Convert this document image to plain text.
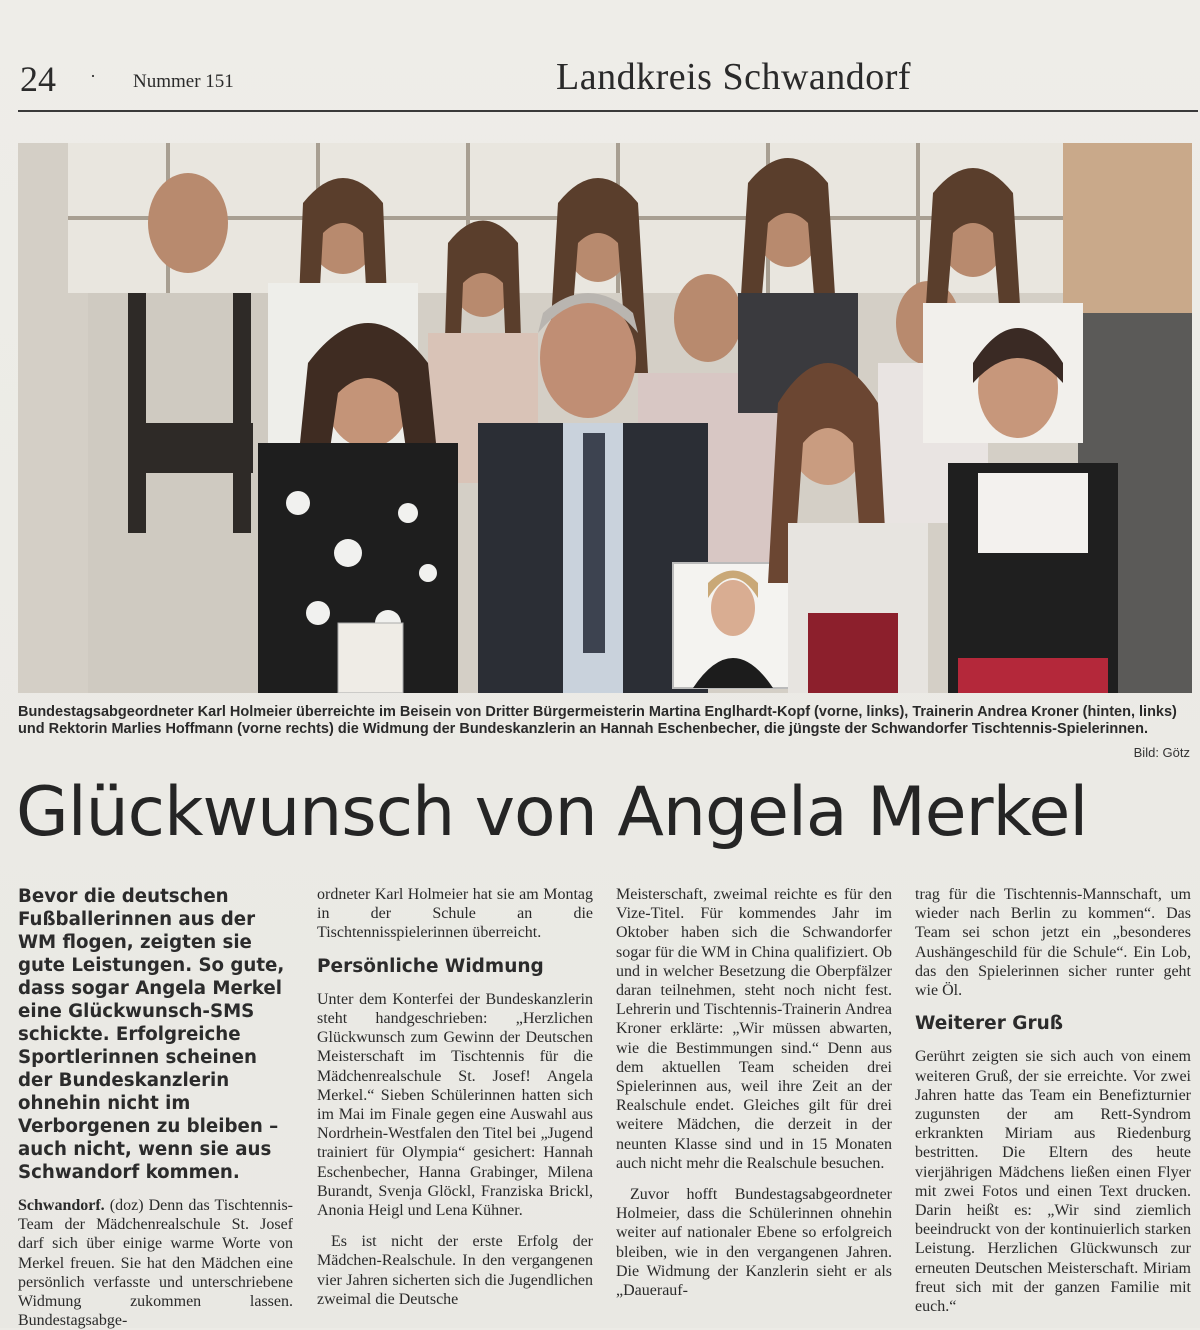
24 · Nummer 151	Landkreis Schwandorf
Bundestagsabgeordneter Karl Holmeier überreichte im Beisein von Dritter Bürgermeisterin Martina Englhardt-Kopf (vorne, links), Trainerin Andrea Kroner (hinten, links) und Rektorin Marlies Hoffmann (vorne rechts) die Widmung der Bundeskanzlerin an Hannah Eschenbecher, die jüngste der Schwandorfer Tischtennis-Spielerinnen.
Bild: Götz
Glückwunsch von Angela Merkel

Bevor die deutschen Fußballerinnen aus der WM flogen, zeigten sie gute Leistungen. So gute, dass sogar Angela Merkel eine Glückwunsch-SMS schickte. Erfolgreiche Sportlerinnen scheinen der Bundeskanzlerin ohnehin nicht im Verborgenen zu bleiben – auch nicht, wenn sie aus Schwandorf kommen.

Schwandorf. (doz) Denn das Tischtennis-Team der Mädchenrealschule St. Josef darf sich über einige warme Worte von Merkel freuen. Sie hat den Mädchen eine persönlich verfasste und unterschriebene Widmung zukommen lassen. Bundestagsabge-

ordneter Karl Holmeier hat sie am Montag in der Schule an die Tischtennisspielerinnen überreicht.

Persönliche Widmung

Unter dem Konterfei der Bundeskanzlerin steht handgeschrieben: „Herzlichen Glückwunsch zum Gewinn der Deutschen Meisterschaft im Tischtennis für die Mädchenrealschule St. Josef! Angela Merkel.“ Sieben Schülerinnen hatten sich im Mai im Finale gegen eine Auswahl aus Nordrhein-Westfalen den Titel bei „Jugend trainiert für Olympia“ gesichert: Hannah Eschenbecher, Hanna Grabinger, Milena Burandt, Svenja Glöckl, Franziska Brickl, Anonia Heigl und Lena Kühner.

Es ist nicht der erste Erfolg der Mädchen-Realschule. In den vergangenen vier Jahren sicherten sich die Jugendlichen zweimal die Deutsche

Meisterschaft, zweimal reichte es für den Vize-Titel. Für kommendes Jahr im Oktober haben sich die Schwandorfer sogar für die WM in China qualifiziert. Ob und in welcher Besetzung die Oberpfälzer daran teilnehmen, steht noch nicht fest. Lehrerin und Tischtennis-Trainerin Andrea Kroner erklärte: „Wir müssen abwarten, wie die Bestimmungen sind.“ Denn aus dem aktuellen Team scheiden drei Spielerinnen aus, weil ihre Zeit an der Realschule endet. Gleiches gilt für drei weitere Mädchen, die derzeit in der neunten Klasse sind und in 15 Monaten auch nicht mehr die Realschule besuchen.

Zuvor hofft Bundestagsabgeordneter Holmeier, dass die Schülerinnen ohnehin weiter auf nationaler Ebene so erfolgreich bleiben, wie in den vergangenen Jahren. Die Widmung der Kanzlerin sieht er als „Dauerauf-

trag für die Tischtennis-Mannschaft, um wieder nach Berlin zu kommen“. Das Team sei schon jetzt ein „besonderes Aushängeschild für die Schule“. Ein Lob, das den Spielerinnen sicher runter geht wie Öl.

Weiterer Gruß

Gerührt zeigten sie sich auch von einem weiteren Gruß, der sie erreichte. Vor zwei Jahren hatte das Team ein Benefizturnier zugunsten der am Rett-Syndrom erkrankten Miriam aus Riedenburg bestritten. Die Eltern des heute vierjährigen Mädchens ließen einen Flyer mit zwei Fotos und einen Text drucken. Darin heißt es: „Wir sind ziemlich beeindruckt von der kontinuierlich starken Leistung. Herzlichen Glückwunsch zur erneuten Deutschen Meisterschaft. Miriam freut sich mit der ganzen Familie mit euch.“
